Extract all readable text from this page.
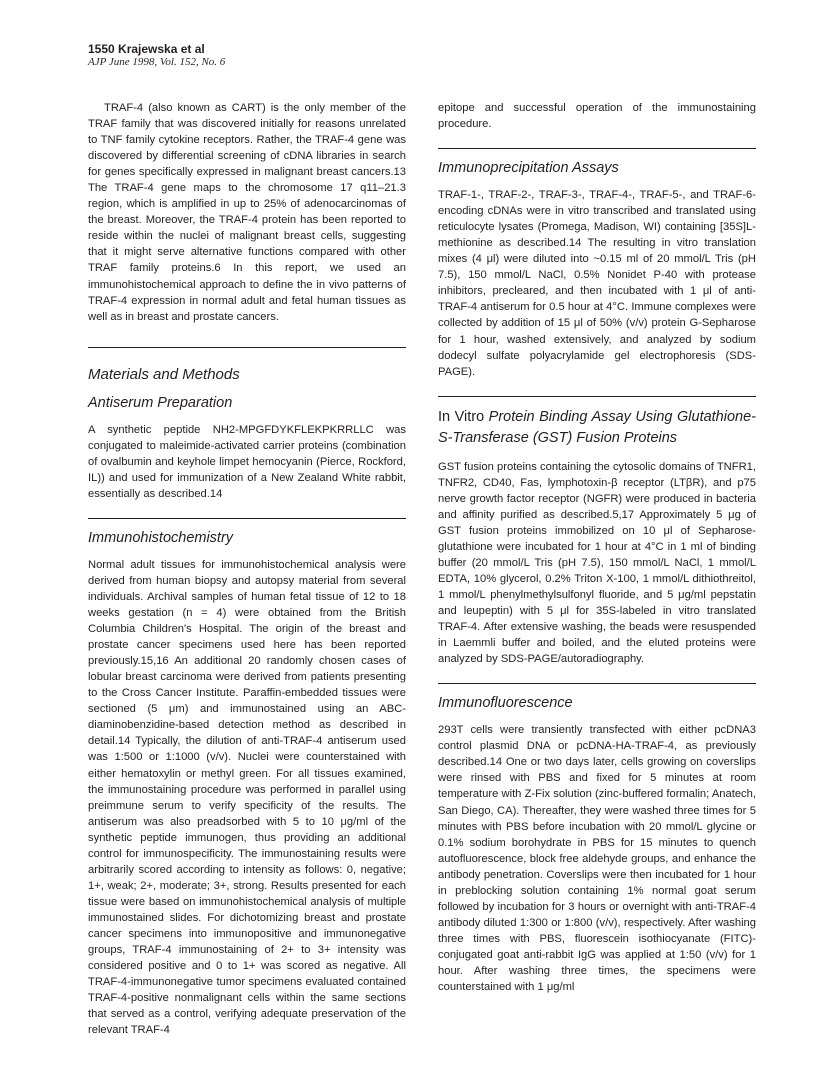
1550 Krajewska et al
AJP June 1998, Vol. 152, No. 6

TRAF-4 (also known as CART) is the only member of the TRAF family that was discovered initially for reasons unrelated to TNF family cytokine receptors. Rather, the TRAF-4 gene was discovered by differential screening of cDNA libraries in search for genes specifically expressed in malignant breast cancers.13 The TRAF-4 gene maps to the chromosome 17 q11–21.3 region, which is amplified in up to 25% of adenocarcinomas of the breast. Moreover, the TRAF-4 protein has been reported to reside within the nuclei of malignant breast cells, suggesting that it might serve alternative functions compared with other TRAF family proteins.6 In this report, we used an immunohistochemical approach to define the in vivo patterns of TRAF-4 expression in normal adult and fetal human tissues as well as in breast and prostate cancers.

Materials and Methods
Antiserum Preparation

A synthetic peptide NH2-MPGFDYKFLEKPKRRLLC was conjugated to maleimide-activated carrier proteins (combination of ovalbumin and keyhole limpet hemocyanin (Pierce, Rockford, IL)) and used for immunization of a New Zealand White rabbit, essentially as described.14

Immunohistochemistry

Normal adult tissues for immunohistochemical analysis were derived from human biopsy and autopsy material from several individuals. Archival samples of human fetal tissue of 12 to 18 weeks gestation (n = 4) were obtained from the British Columbia Children's Hospital. The origin of the breast and prostate cancer specimens used here has been reported previously.15,16 An additional 20 randomly chosen cases of lobular breast carcinoma were derived from patients presenting to the Cross Cancer Institute. Paraffin-embedded tissues were sectioned (5 μm) and immunostained using an ABC-diaminobenzidine-based detection method as described in detail.14 Typically, the dilution of anti-TRAF-4 antiserum used was 1:500 or 1:1000 (v/v). Nuclei were counterstained with either hematoxylin or methyl green. For all tissues examined, the immunostaining procedure was performed in parallel using preimmune serum to verify specificity of the results. The antiserum was also preadsorbed with 5 to 10 μg/ml of the synthetic peptide immunogen, thus providing an additional control for immunospecificity. The immunostaining results were arbitrarily scored according to intensity as follows: 0, negative; 1+, weak; 2+, moderate; 3+, strong. Results presented for each tissue were based on immunohistochemical analysis of multiple immunostained slides. For dichotomizing breast and prostate cancer specimens into immunopositive and immunonegative groups, TRAF-4 immunostaining of 2+ to 3+ intensity was considered positive and 0 to 1+ was scored as negative. All TRAF-4-immunonegative tumor specimens evaluated contained TRAF-4-positive nonmalignant cells within the same sections that served as a control, verifying adequate preservation of the relevant TRAF-4

epitope and successful operation of the immunostaining procedure.

Immunoprecipitation Assays

TRAF-1-, TRAF-2-, TRAF-3-, TRAF-4-, TRAF-5-, and TRAF-6-encoding cDNAs were in vitro transcribed and translated using reticulocyte lysates (Promega, Madison, WI) containing [35S]L-methionine as described.14 The resulting in vitro translation mixes (4 μl) were diluted into ~0.15 ml of 20 mmol/L Tris (pH 7.5), 150 mmol/L NaCl, 0.5% Nonidet P-40 with protease inhibitors, precleared, and then incubated with 1 μl of anti-TRAF-4 antiserum for 0.5 hour at 4°C. Immune complexes were collected by addition of 15 μl of 50% (v/v) protein G-Sepharose for 1 hour, washed extensively, and analyzed by sodium dodecyl sulfate polyacrylamide gel electrophoresis (SDS-PAGE).

In Vitro Protein Binding Assay Using Glutathione-S-Transferase (GST) Fusion Proteins

GST fusion proteins containing the cytosolic domains of TNFR1, TNFR2, CD40, Fas, lymphotoxin-β receptor (LTβR), and p75 nerve growth factor receptor (NGFR) were produced in bacteria and affinity purified as described.5,17 Approximately 5 μg of GST fusion proteins immobilized on 10 μl of Sepharose-glutathione were incubated for 1 hour at 4°C in 1 ml of binding buffer (20 mmol/L Tris (pH 7.5), 150 mmol/L NaCl, 1 mmol/L EDTA, 10% glycerol, 0.2% Triton X-100, 1 mmol/L dithiothreitol, 1 mmol/L phenylmethylsulfonyl fluoride, and 5 μg/ml pepstatin and leupeptin) with 5 μl for 35S-labeled in vitro translated TRAF-4. After extensive washing, the beads were resuspended in Laemmli buffer and boiled, and the eluted proteins were analyzed by SDS-PAGE/autoradiography.

Immunofluorescence

293T cells were transiently transfected with either pcDNA3 control plasmid DNA or pcDNA-HA-TRAF-4, as previously described.14 One or two days later, cells growing on coverslips were rinsed with PBS and fixed for 5 minutes at room temperature with Z-Fix solution (zinc-buffered formalin; Anatech, San Diego, CA). Thereafter, they were washed three times for 5 minutes with PBS before incubation with 20 mmol/L glycine or 0.1% sodium borohydrate in PBS for 15 minutes to quench autofluorescence, block free aldehyde groups, and enhance the antibody penetration. Coverslips were then incubated for 1 hour in preblocking solution containing 1% normal goat serum followed by incubation for 3 hours or overnight with anti-TRAF-4 antibody diluted 1:300 or 1:800 (v/v), respectively. After washing three times with PBS, fluorescein isothiocyanate (FITC)-conjugated goat anti-rabbit IgG was applied at 1:50 (v/v) for 1 hour. After washing three times, the specimens were counterstained with 1 μg/ml
